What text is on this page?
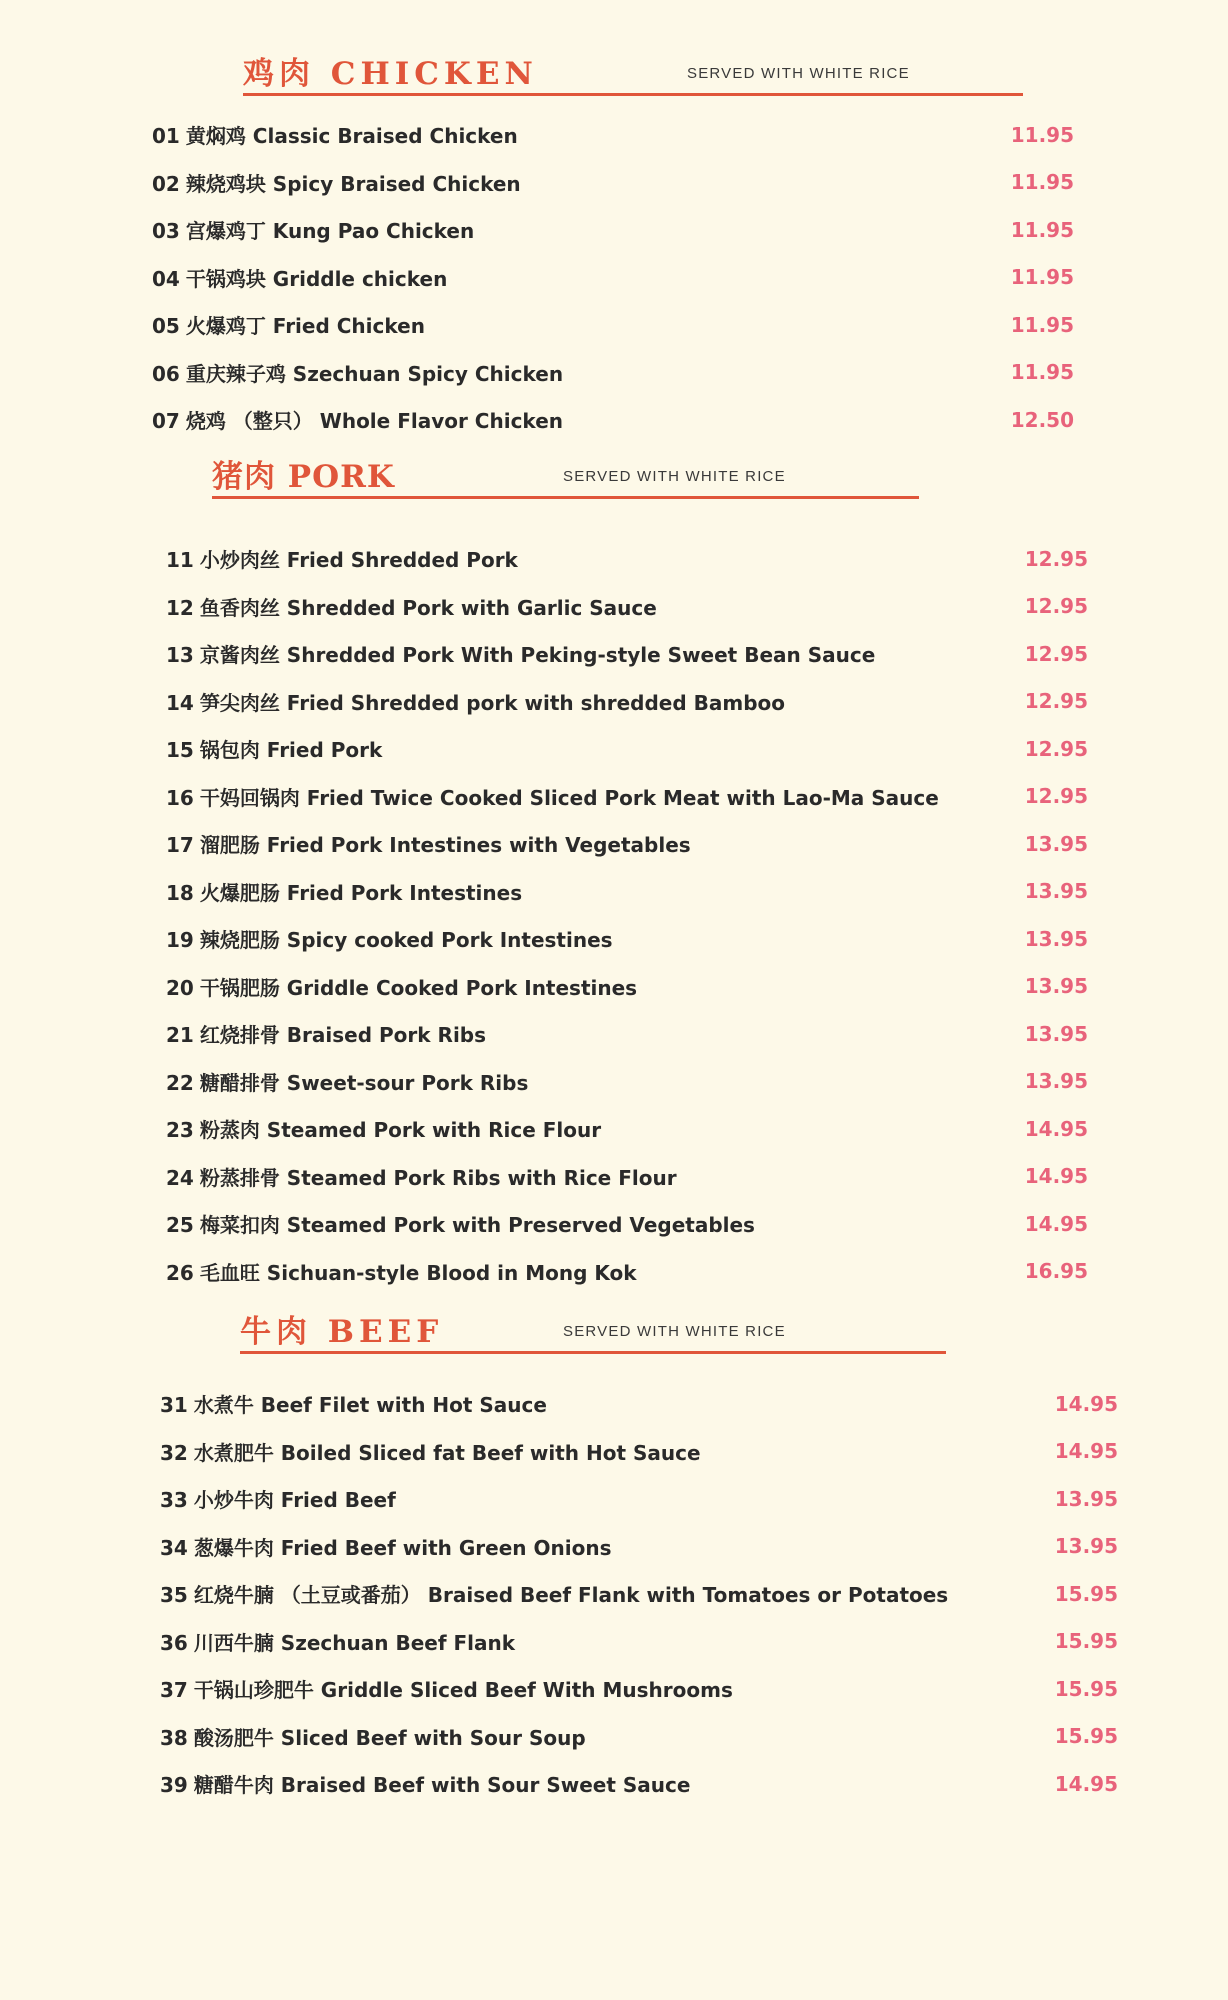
鸡肉 CHICKEN	SERVED WITH WHITE RICE
01 黄焖鸡 Classic Braised Chicken	11.95
02 辣烧鸡块 Spicy Braised Chicken	11.95
03 宫爆鸡丁 Kung Pao Chicken	11.95
04 干锅鸡块 Griddle chicken	11.95
05 火爆鸡丁 Fried Chicken	11.95
06 重庆辣子鸡 Szechuan Spicy Chicken	11.95
07 烧鸡 （整只） Whole Flavor Chicken	12.50
猪肉 PORK	SERVED WITH WHITE RICE
11 小炒肉丝 Fried Shredded Pork	12.95
12 鱼香肉丝 Shredded Pork with Garlic Sauce	12.95
13 京酱肉丝 Shredded Pork With Peking-style Sweet Bean Sauce	12.95
14 笋尖肉丝 Fried Shredded pork with shredded Bamboo	12.95
15 锅包肉 Fried Pork	12.95
16 干妈回锅肉 Fried Twice Cooked Sliced Pork Meat with Lao-Ma Sauce	12.95
17 溜肥肠 Fried Pork Intestines with Vegetables	13.95
18 火爆肥肠 Fried Pork Intestines	13.95
19 辣烧肥肠 Spicy cooked Pork Intestines	13.95
20 干锅肥肠 Griddle Cooked Pork Intestines	13.95
21 红烧排骨 Braised Pork Ribs	13.95
22 糖醋排骨 Sweet-sour Pork Ribs	13.95
23 粉蒸肉 Steamed Pork with Rice Flour	14.95
24 粉蒸排骨 Steamed Pork Ribs with Rice Flour	14.95
25 梅菜扣肉 Steamed Pork with Preserved Vegetables	14.95
26 毛血旺 Sichuan-style Blood in Mong Kok	16.95
牛肉 BEEF	SERVED WITH WHITE RICE
31 水煮牛 Beef Filet with Hot Sauce	14.95
32 水煮肥牛 Boiled Sliced fat Beef with Hot Sauce	14.95
33 小炒牛肉 Fried Beef	13.95
34 葱爆牛肉 Fried Beef with Green Onions	13.95
35 红烧牛腩 （土豆或番茄） Braised Beef Flank with Tomatoes or Potatoes	15.95
36 川西牛腩 Szechuan Beef Flank	15.95
37 干锅山珍肥牛 Griddle Sliced Beef With Mushrooms	15.95
38 酸汤肥牛 Sliced Beef with Sour Soup	15.95
39 糖醋牛肉 Braised Beef with Sour Sweet Sauce	14.95
